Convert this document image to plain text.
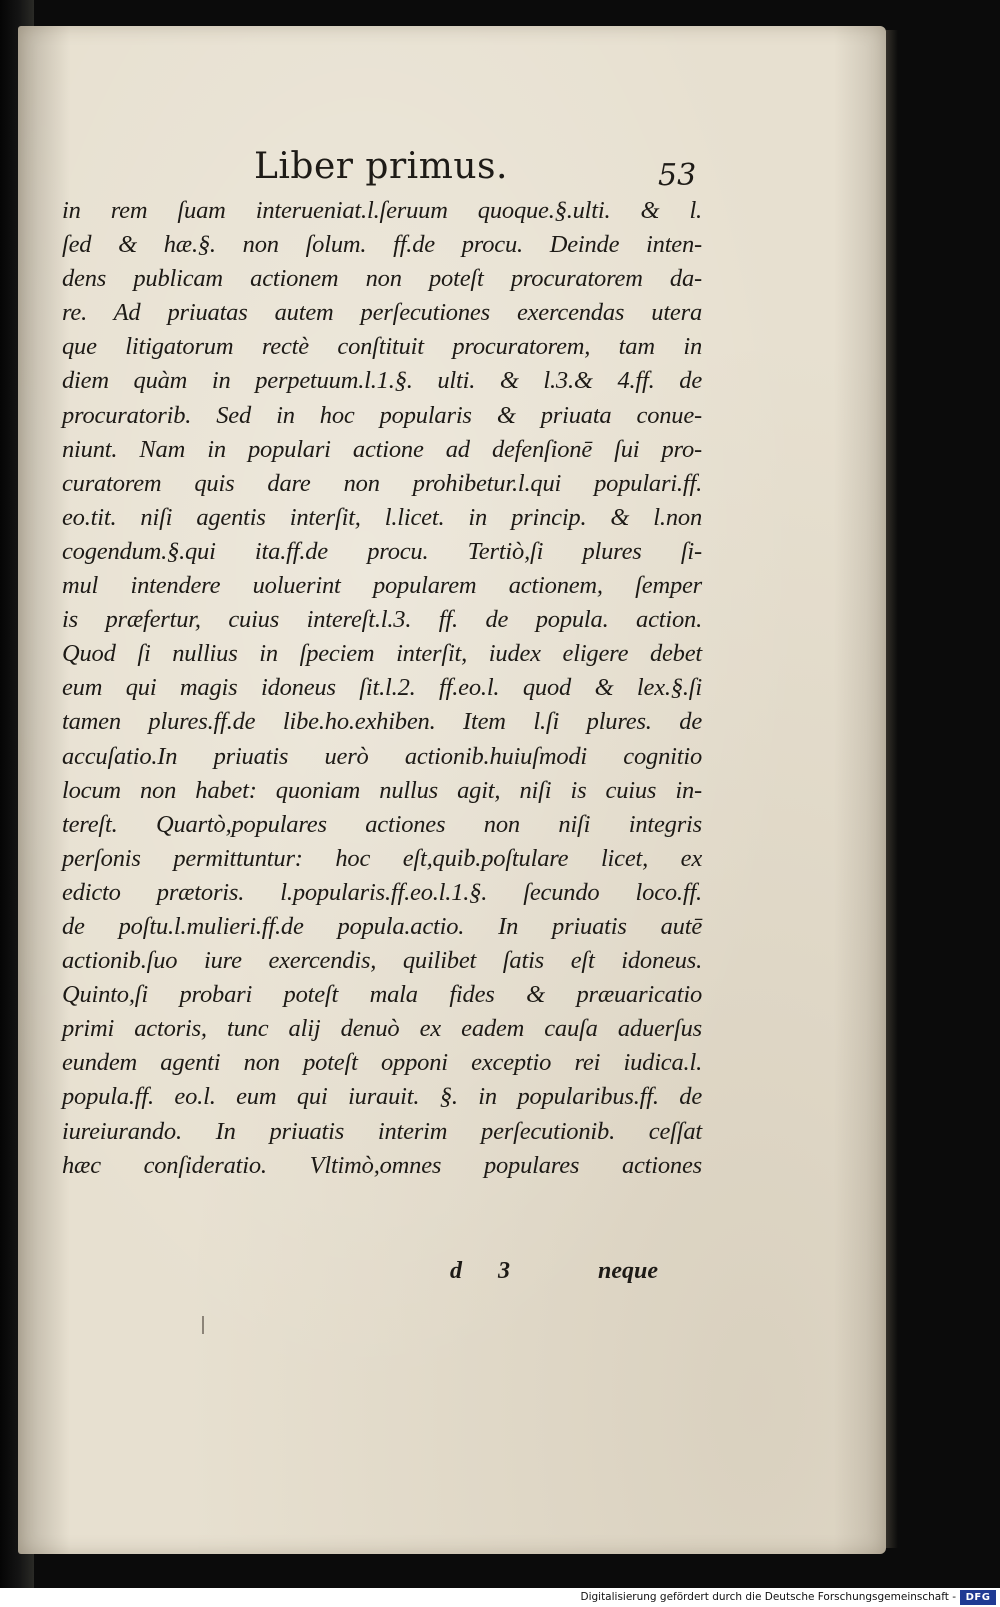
Liber primus.	53
in rem ſuam interueniat.l.ſeruum quoque.§.ulti. & l.
ſed & hæ.§. non ſolum. ff.de procu. Deinde inten-
dens publicam actionem non poteſt procuratorem da-
re. Ad priuatas autem perſecutiones exercendas utera
que litigatorum rectè conſtituit procuratorem, tam in
diem quàm in perpetuum.l.1.§. ulti. & l.3.& 4.ff. de
procuratorib. Sed in hoc popularis & priuata conue-
niunt. Nam in populari actione ad defenſionē ſui pro-
curatorem quis dare non prohibetur.l.qui populari.ff.
eo.tit. niſi agentis interſit, l.licet. in princip. & l.non
cogendum.§.qui ita.ff.de procu. Tertiò,ſi plures ſi-
mul intendere uoluerint popularem actionem, ſemper
is præfertur, cuius intereſt.l.3. ff. de popula. action.
Quod ſi nullius in ſpeciem interſit, iudex eligere debet
eum qui magis idoneus ſit.l.2. ff.eo.l. quod & lex.§.ſi
tamen plures.ff.de libe.ho.exhiben. Item l.ſi plures. de
accuſatio.In priuatis uerò actionib.huiuſmodi cognitio
locum non habet: quoniam nullus agit, niſi is cuius in-
tereſt. Quartò,populares actiones non niſi integris
perſonis permittuntur: hoc eſt,quib.poſtulare licet, ex
edicto prætoris. l.popularis.ff.eo.l.1.§. ſecundo loco.ff.
de poſtu.l.mulieri.ff.de popula.actio. In priuatis autē
actionib.ſuo iure exercendis, quilibet ſatis eſt idoneus.
Quinto,ſi probari poteſt mala fides & præuaricatio
primi actoris, tunc alij denuò ex eadem cauſa aduerſus
eundem agenti non poteſt opponi exceptio rei iudica.l.
popula.ff. eo.l. eum qui iurauit. §. in popularibus.ff. de
iureiurando. In priuatis interim perſecutionib. ceſſat
hæc conſideratio. Vltimò,omnes populares actiones
d 3	neque
Digitalisierung gefördert durch die Deutsche Forschungsgemeinschaft - DFG
